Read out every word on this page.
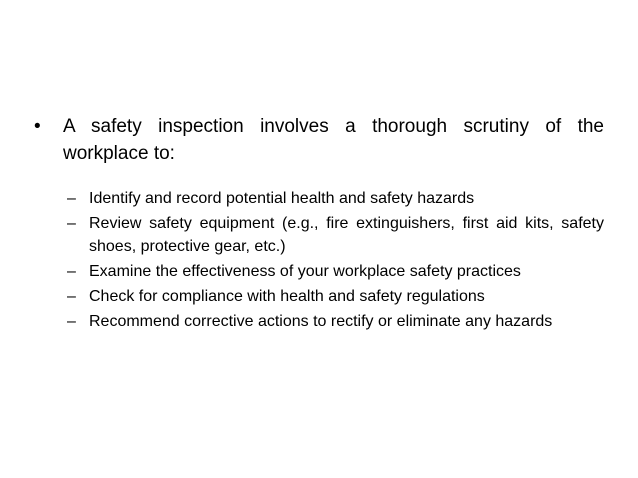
•	A safety inspection involves a thorough scrutiny of the workplace to:
– Identify and record potential health and safety hazards
– Review safety equipment (e.g., fire extinguishers, first aid kits, safety shoes, protective gear, etc.)
– Examine the effectiveness of your workplace safety practices
– Check for compliance with health and safety regulations
– Recommend corrective actions to rectify or eliminate any hazards
